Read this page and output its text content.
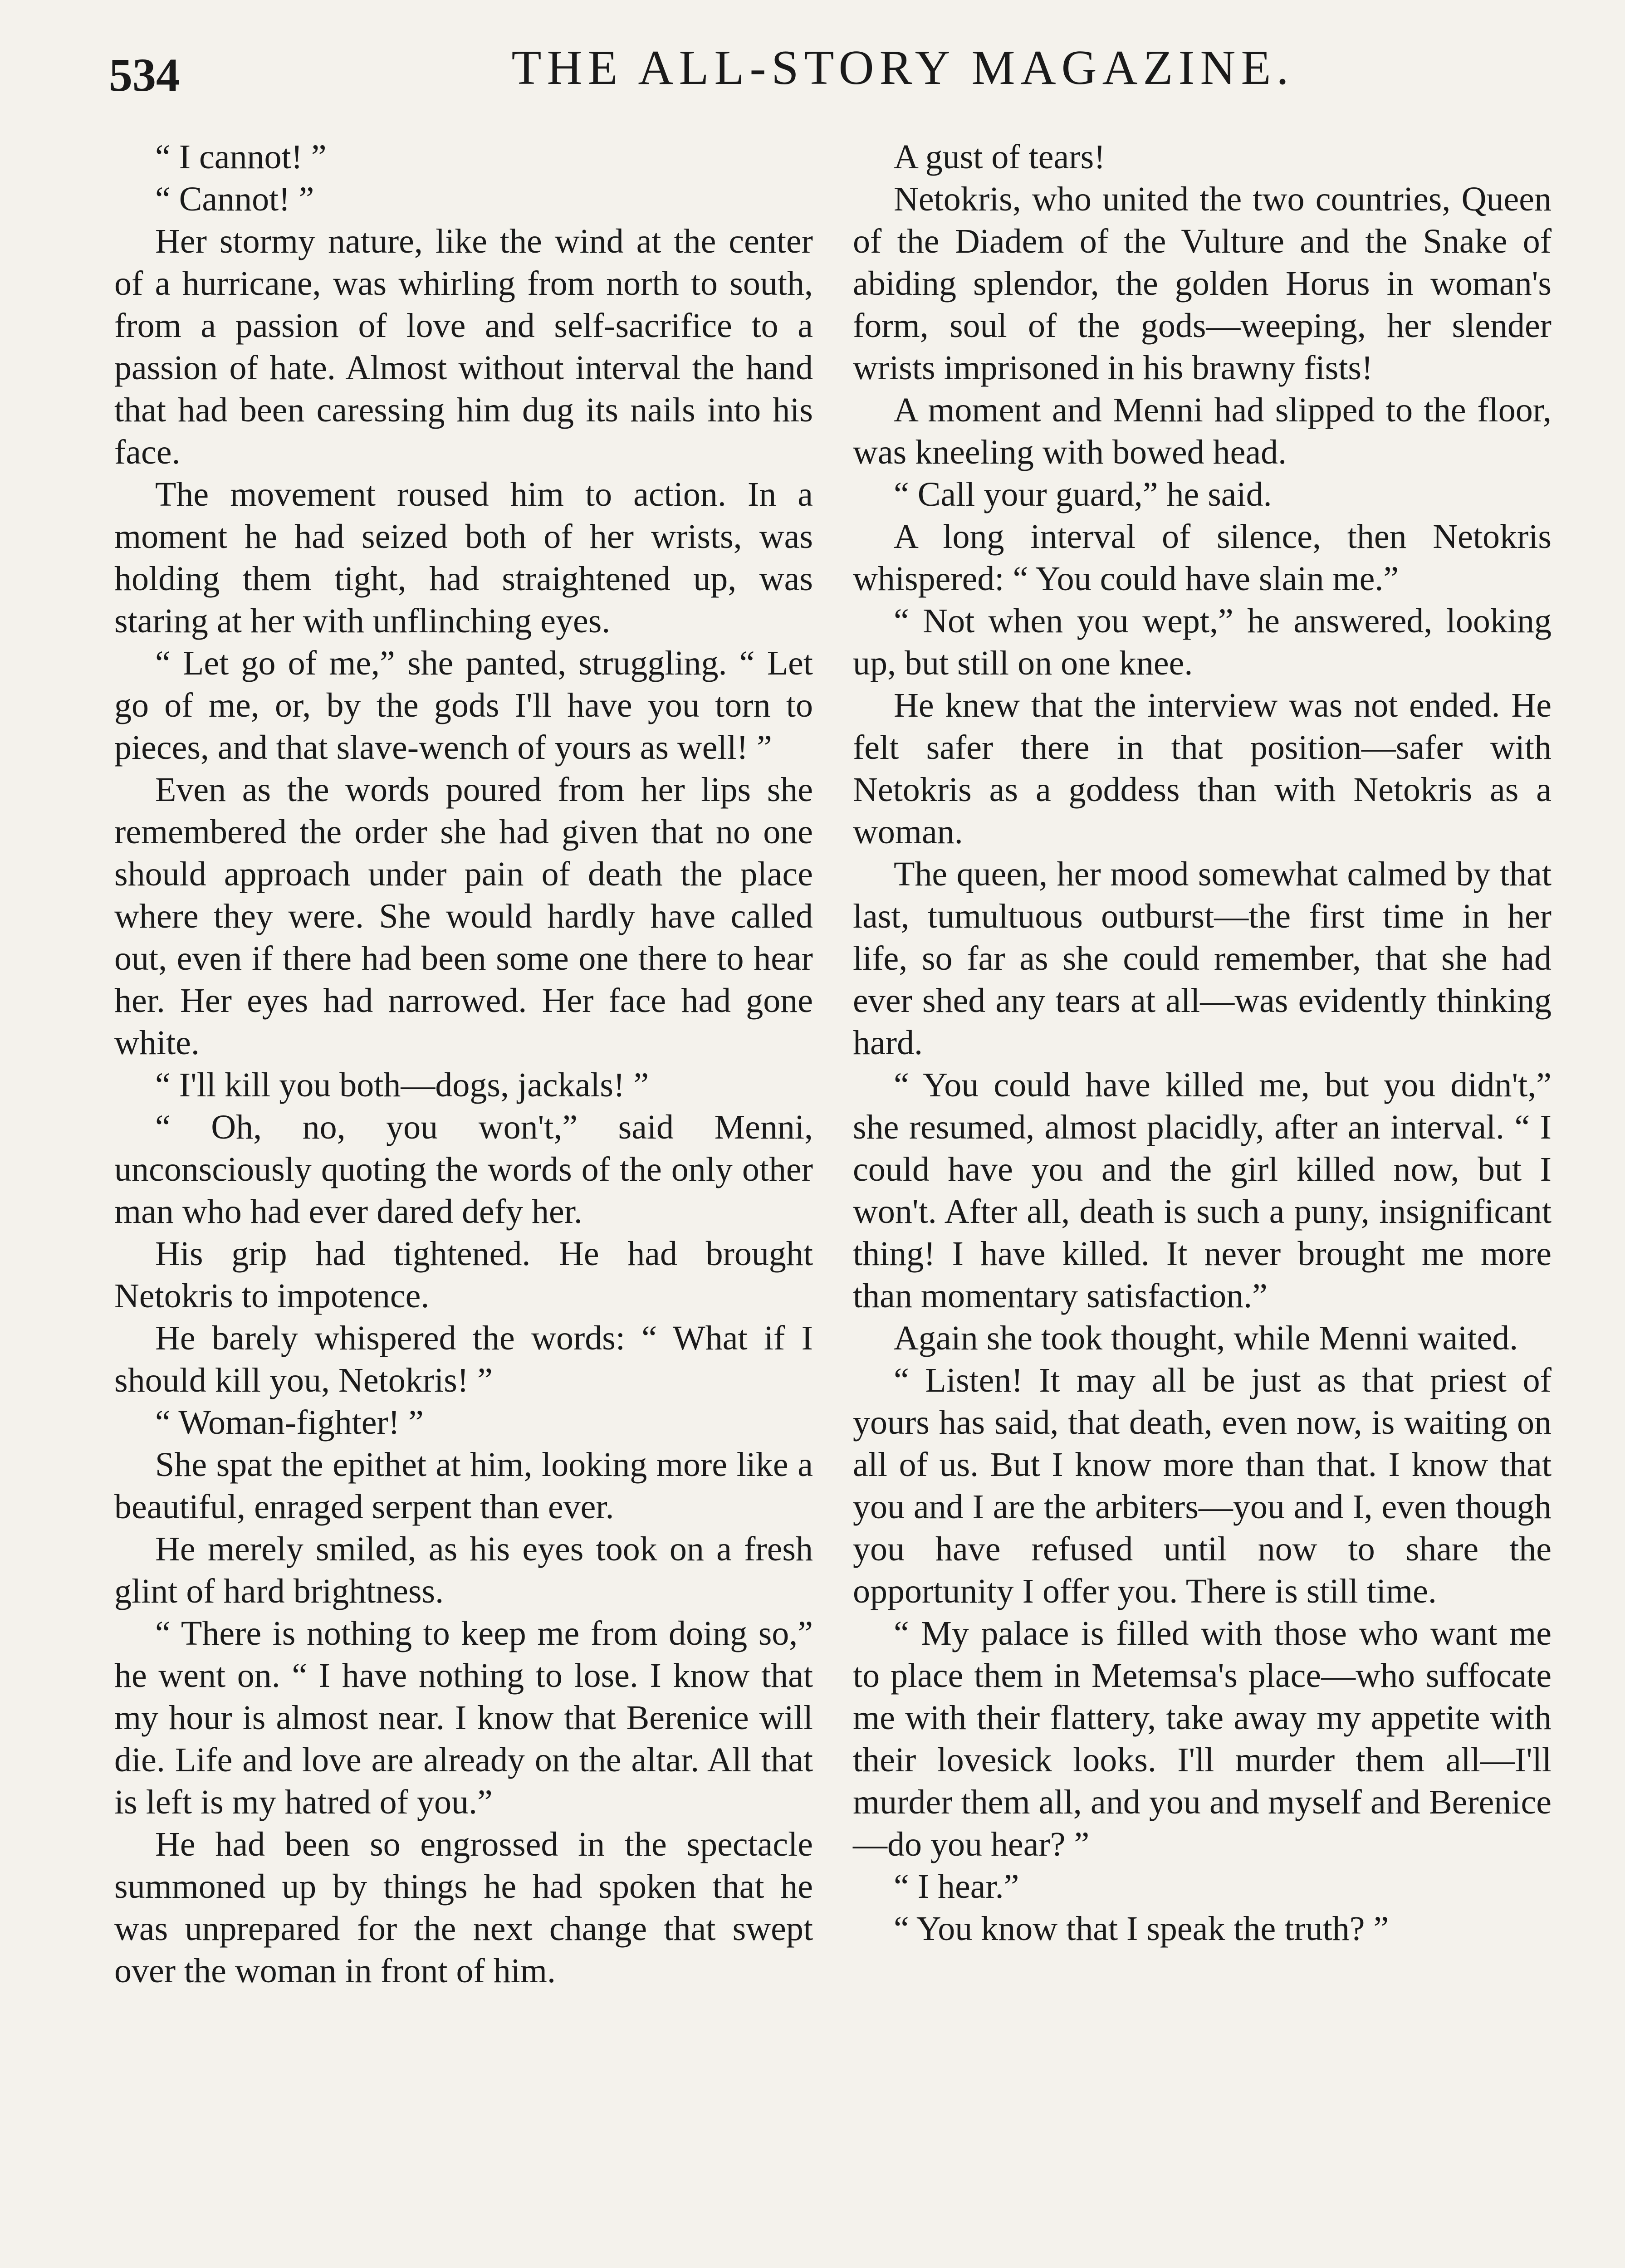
534	THE ALL-STORY MAGAZINE.

“ I cannot! ”

“ Cannot! ”

Her stormy nature, like the wind at the center of a hurricane, was whirling from north to south, from a passion of love and self-sacrifice to a passion of hate. Almost without interval the hand that had been caressing him dug its nails into his face.

The movement roused him to action. In a moment he had seized both of her wrists, was holding them tight, had straightened up, was staring at her with unflinching eyes.

“ Let go of me,” she panted, struggling. “ Let go of me, or, by the gods I'll have you torn to pieces, and that slave-wench of yours as well! ”

Even as the words poured from her lips she remembered the order she had given that no one should approach under pain of death the place where they were. She would hardly have called out, even if there had been some one there to hear her. Her eyes had narrowed. Her face had gone white.

“ I'll kill you both—dogs, jackals! ”

“ Oh, no, you won't,” said Menni, unconsciously quoting the words of the only other man who had ever dared defy her.

His grip had tightened. He had brought Netokris to impotence.

He barely whispered the words: “ What if I should kill you, Netokris! ”

“ Woman-fighter! ”

She spat the epithet at him, looking more like a beautiful, enraged serpent than ever.

He merely smiled, as his eyes took on a fresh glint of hard brightness.

“ There is nothing to keep me from doing so,” he went on. “ I have nothing to lose. I know that my hour is almost near. I know that Berenice will die. Life and love are already on the altar. All that is left is my hatred of you.”

He had been so engrossed in the spectacle summoned up by things he had spoken that he was unprepared for the next change that swept over the woman in front of him.

A gust of tears!

Netokris, who united the two countries, Queen of the Diadem of the Vulture and the Snake of abiding splendor, the golden Horus in woman's form, soul of the gods—weeping, her slender wrists imprisoned in his brawny fists!

A moment and Menni had slipped to the floor, was kneeling with bowed head.

“ Call your guard,” he said.

A long interval of silence, then Netokris whispered: “ You could have slain me.”

“ Not when you wept,” he answered, looking up, but still on one knee.

He knew that the interview was not ended. He felt safer there in that position—safer with Netokris as a goddess than with Netokris as a woman.

The queen, her mood somewhat calmed by that last, tumultuous outburst—the first time in her life, so far as she could remember, that she had ever shed any tears at all—was evidently thinking hard.

“ You could have killed me, but you didn't,” she resumed, almost placidly, after an interval. “ I could have you and the girl killed now, but I won't. After all, death is such a puny, insignificant thing! I have killed. It never brought me more than momentary satisfaction.”

Again she took thought, while Menni waited.

“ Listen! It may all be just as that priest of yours has said, that death, even now, is waiting on all of us. But I know more than that. I know that you and I are the arbiters—you and I, even though you have refused until now to share the opportunity I offer you. There is still time.

“ My palace is filled with those who want me to place them in Metemsa's place—who suffocate me with their flattery, take away my appetite with their lovesick looks. I'll murder them all—I'll murder them all, and you and myself and Berenice—do you hear? ”

“ I hear.”

“ You know that I speak the truth? ”
